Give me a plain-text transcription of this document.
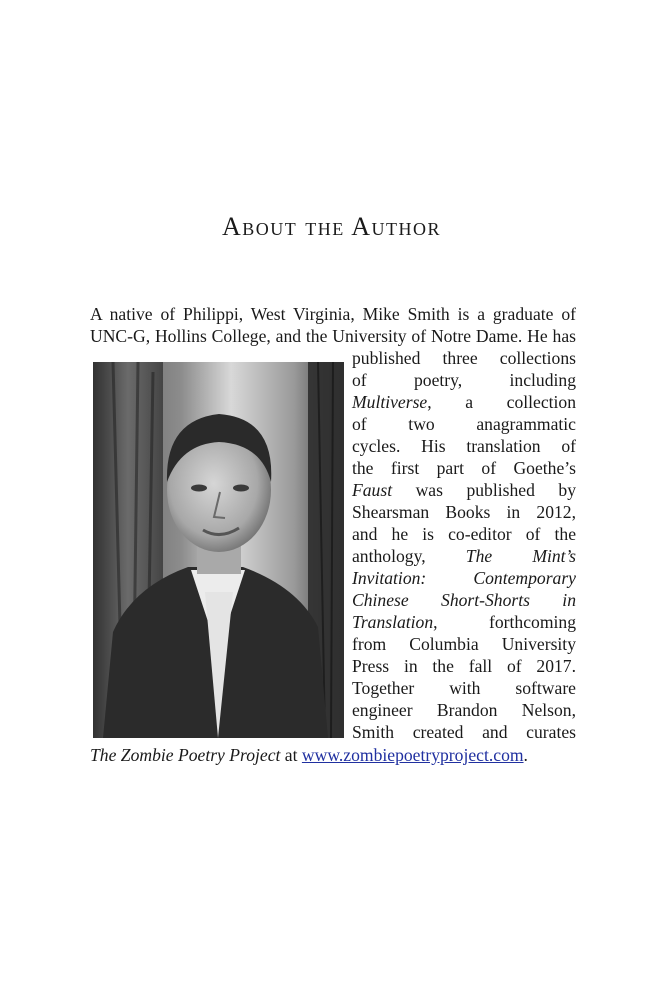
About the Author
A native of Philippi, West Virginia, Mike Smith is a graduate of
UNC-G, Hollins College, and the University of Notre Dame. He has
published three collections
of poetry, including
Multiverse, a collection
of two anagrammatic
cycles. His translation of
the first part of Goethe’s
Faust was published by
Shearsman Books in 2012,
and he is co-editor of the
anthology, The Mint’s
Invitation: Contemporary
Chinese Short-Shorts in
Translation, forthcoming
from Columbia University
Press in the fall of 2017.
Together with software
engineer Brandon Nelson,
Smith created and curates
The Zombie Poetry Project at www.zombiepoetryproject.com.
